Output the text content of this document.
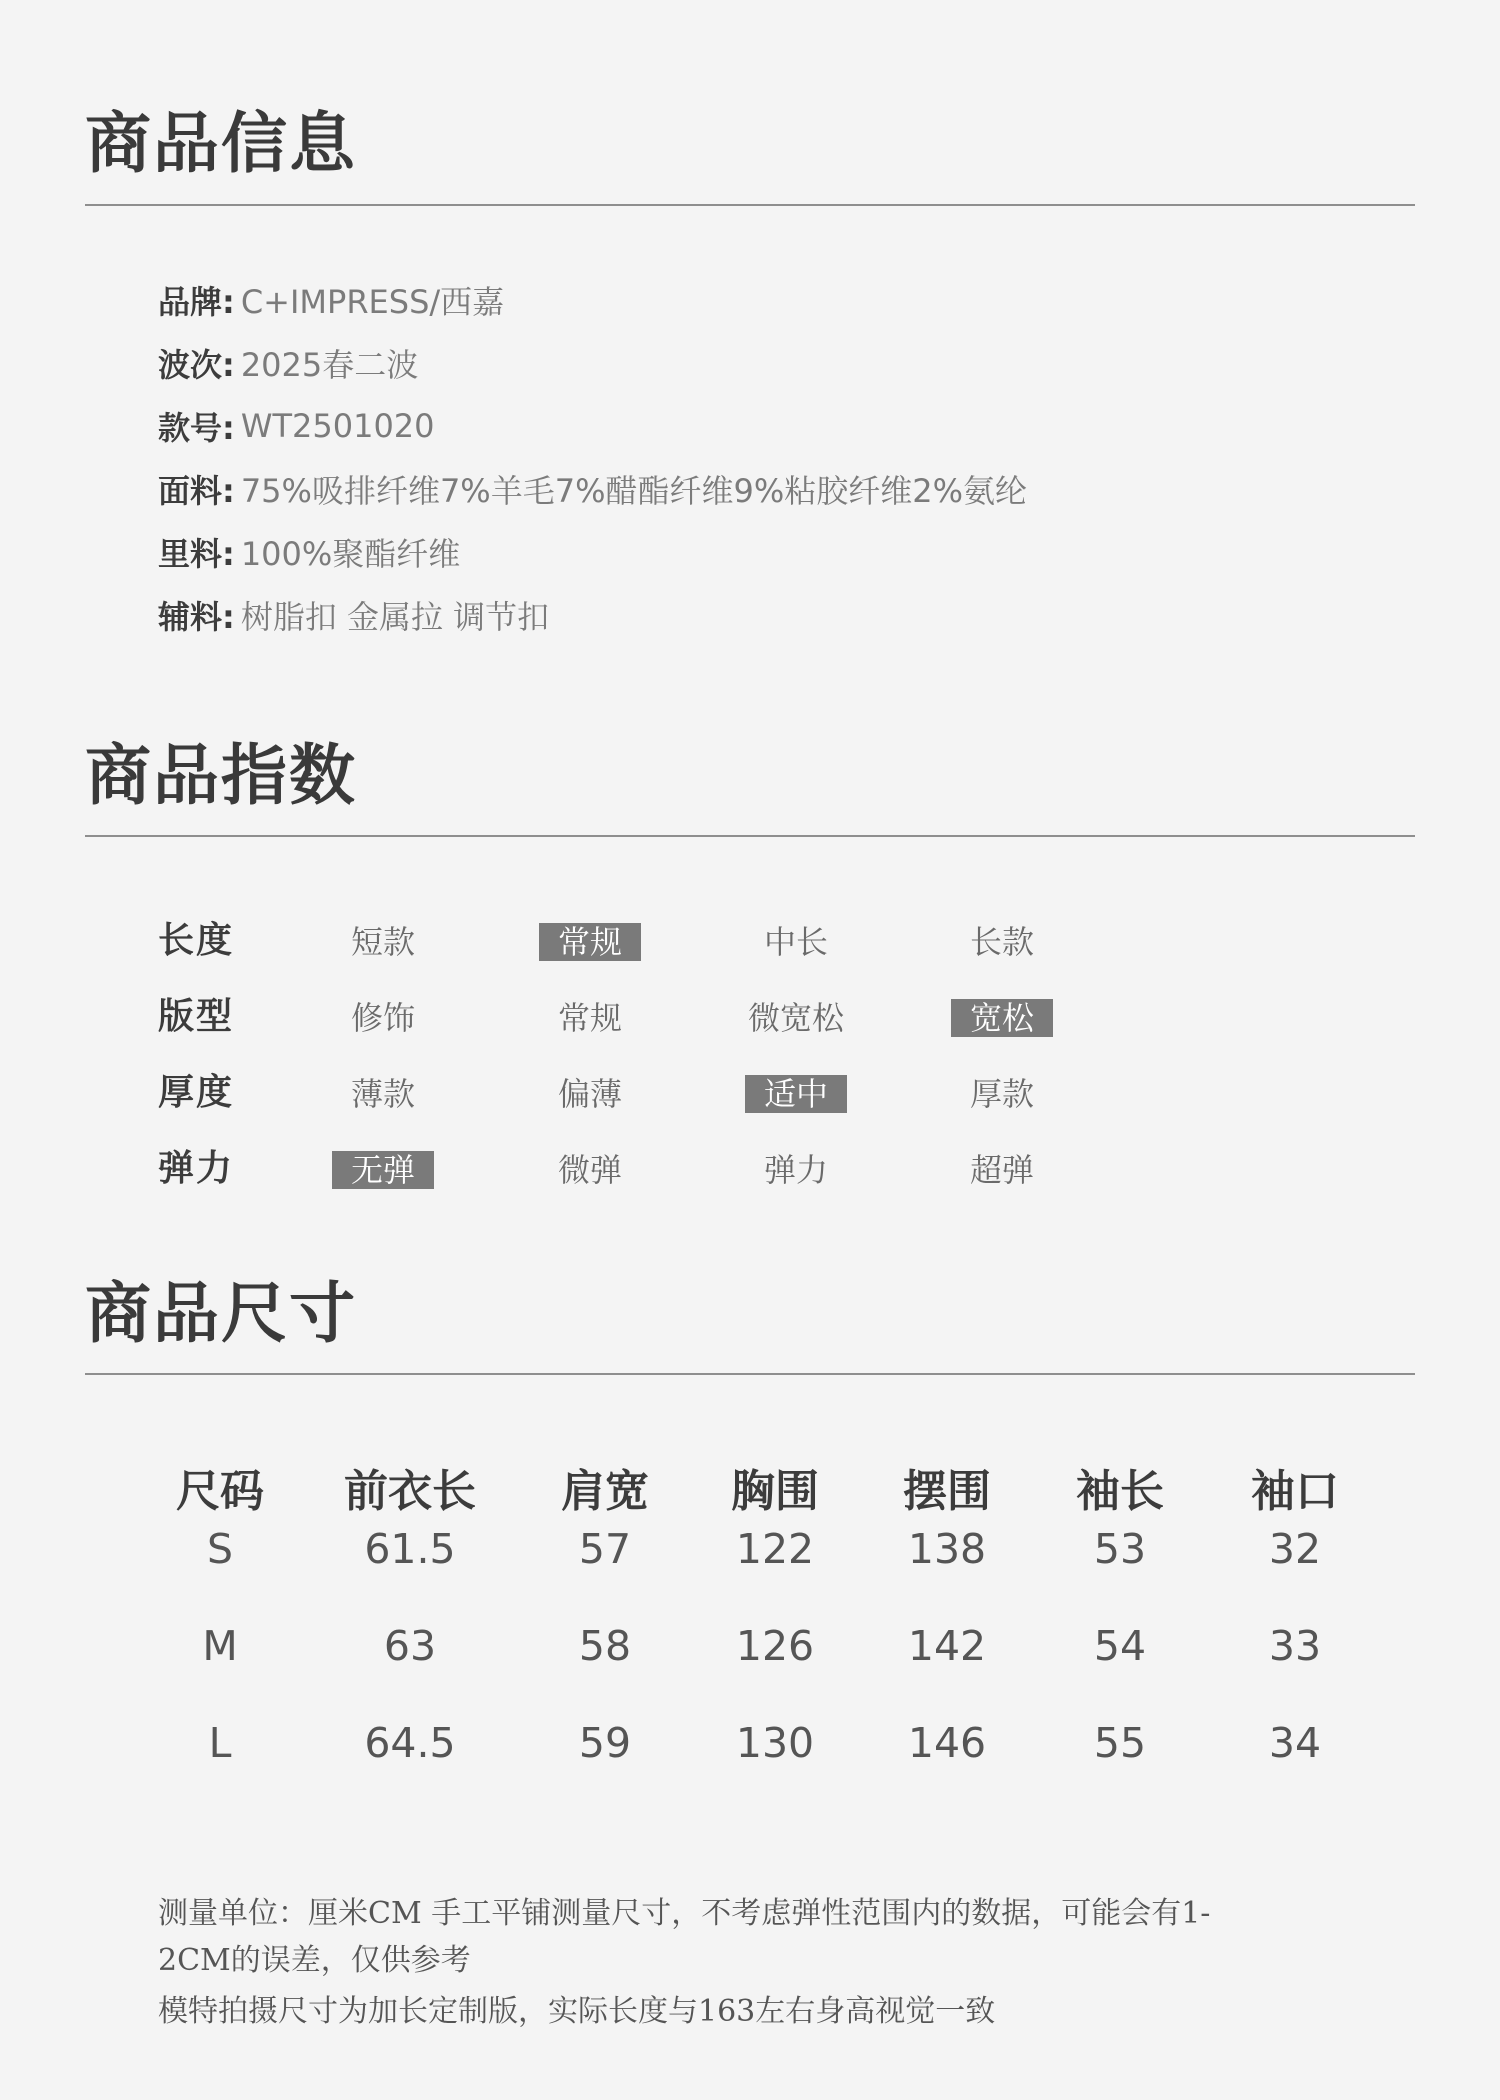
商品信息
品牌: C+IMPRESS/西嘉
波次: 2025春二波
款号: WT2501020
面料: 75%吸排纤维7%羊毛7%醋酯纤维9%粘胶纤维2%氨纶
里料: 100%聚酯纤维
辅料: 树脂扣 金属拉 调节扣
商品指数
长度	短款	常规	中长	长款
版型	修饰	常规	微宽松	宽松
厚度	薄款	偏薄	适中	厚款
弹力	无弹	微弹	弹力	超弹
商品尺寸
尺码	前衣长	肩宽	胸围	摆围	袖长	袖口
S	61.5	57	122	138	53	32
M	63	58	126	142	54	33
L	64.5	59	130	146	55	34

测量单位：厘米CM 手工平铺测量尺寸，不考虑弹性范围内的数据，可能会有1-2CM的误差，仅供参考

模特拍摄尺寸为加长定制版，实际长度与163左右身高视觉一致
